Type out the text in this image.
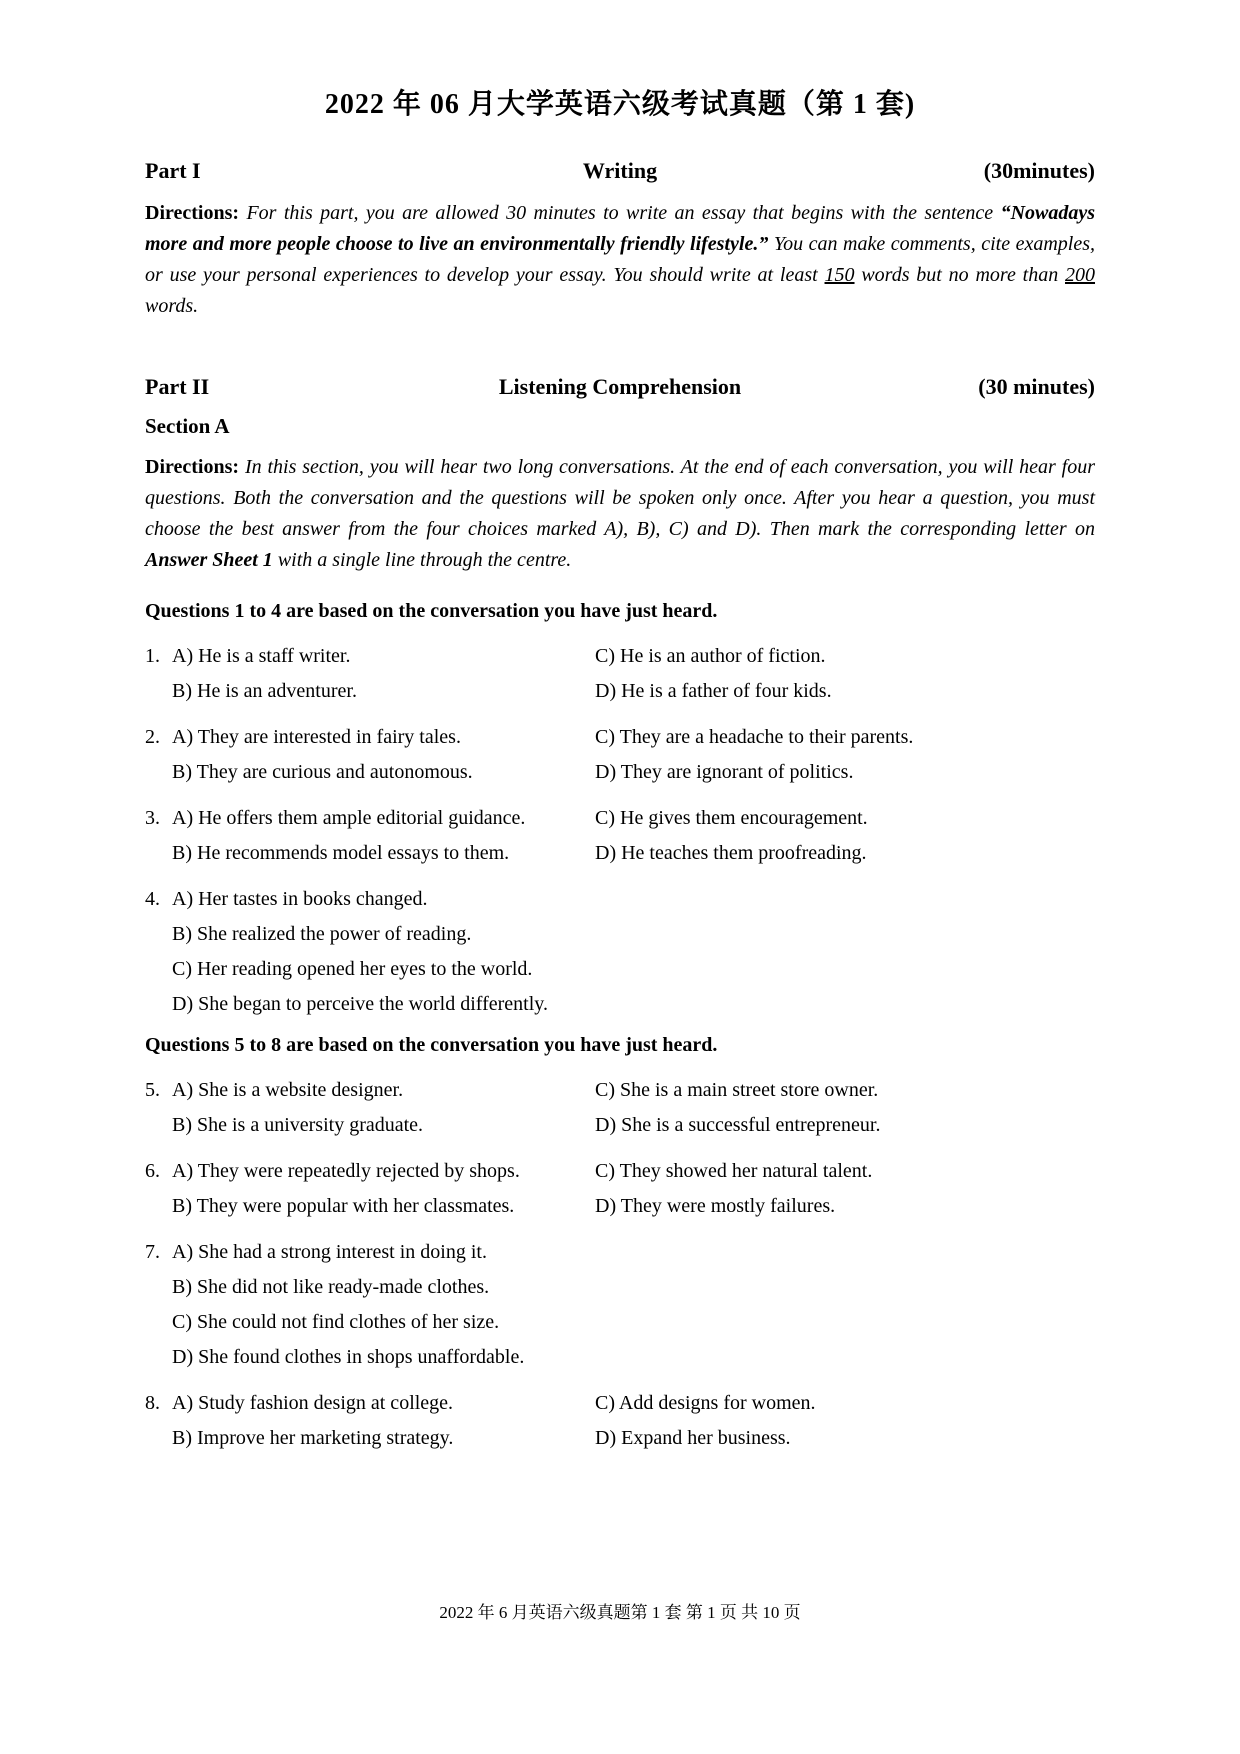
2022 年 06 月大学英语六级考试真题（第 1 套)
Part I	Writing	(30minutes)

Directions: For this part, you are allowed 30 minutes to write an essay that begins with the sentence “Nowadays more and more people choose to live an environmentally friendly lifestyle.” You can make comments, cite examples, or use your personal experiences to develop your essay. You should write at least 150 words but no more than 200 words.

Part II	Listening Comprehension	(30 minutes)
Section A

Directions: In this section, you will hear two long conversations. At the end of each conversation, you will hear four questions. Both the conversation and the questions will be spoken only once. After you hear a question, you must choose the best answer from the four choices marked A), B), C) and D). Then mark the corresponding letter on Answer Sheet 1 with a single line through the centre.

Questions 1 to 4 are based on the conversation you have just heard.
1. A) He is a staff writer.
B) He is an adventurer.
C) He is an author of fiction.
D) He is a father of four kids.
2. A) They are interested in fairy tales.
B) They are curious and autonomous.
C) They are a headache to their parents.
D) They are ignorant of politics.
3. A) He offers them ample editorial guidance.
B) He recommends model essays to them.
C) He gives them encouragement.
D) He teaches them proofreading.
4. A) Her tastes in books changed.
B) She realized the power of reading.
C) Her reading opened her eyes to the world.
D) She began to perceive the world differently.
Questions 5 to 8 are based on the conversation you have just heard.
5. A) She is a website designer.
B) She is a university graduate.
C) She is a main street store owner.
D) She is a successful entrepreneur.
6. A) They were repeatedly rejected by shops.
B) They were popular with her classmates.
C) They showed her natural talent.
D) They were mostly failures.
7. A) She had a strong interest in doing it.
B) She did not like ready-made clothes.
C) She could not find clothes of her size.
D) She found clothes in shops unaffordable.
8. A) Study fashion design at college.
B) Improve her marketing strategy.
C) Add designs for women.
D) Expand her business.
2022 年 6 月英语六级真题第 1 套 第 1 页 共 10 页
